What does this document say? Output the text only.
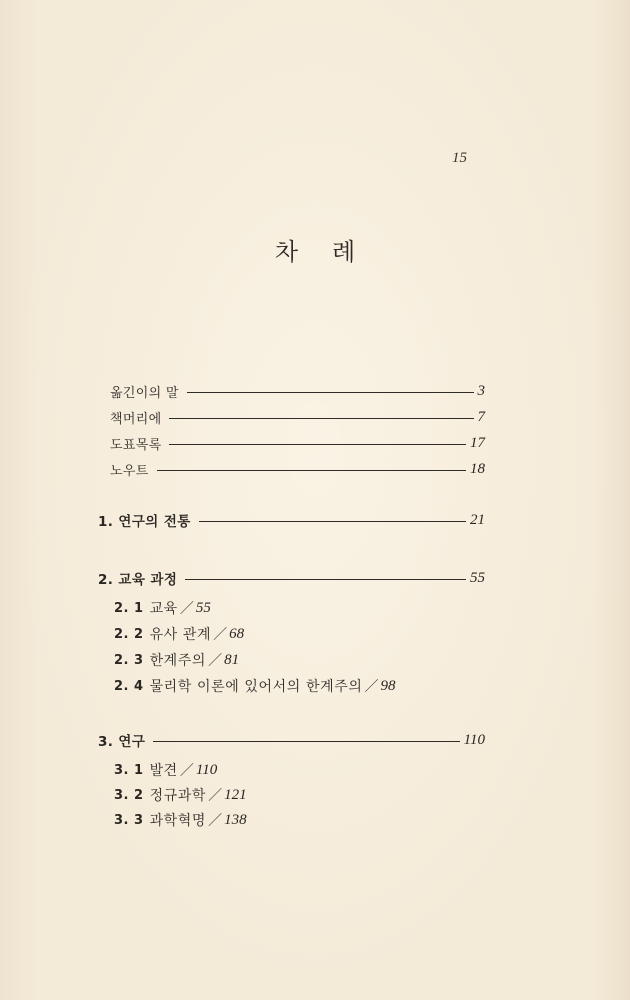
15
차 례
옮긴이의 말	3
책머리에	7
도표목록	17
노우트	18
1. 연구의 전통	21
2. 교육 과정	55
2. 1 교육 ／ 55
2. 2 유사 관계 ／ 68
2. 3 한계주의 ／ 81
2. 4 물리학 이론에 있어서의 한계주의 ／ 98
3. 연구	110
3. 1 발견 ／ 110
3. 2 정규과학 ／ 121
3. 3 과학혁명 ／ 138
